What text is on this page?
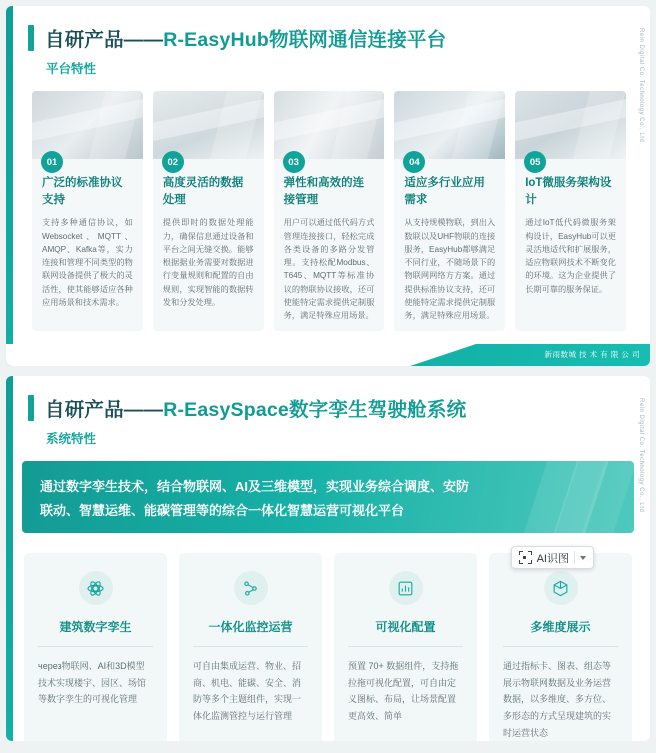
自研产品——R-EasyHub物联网通信连接平台
平台特性	Rein Digital Co. Technology Co., Ltd
01
广泛的标准协议支持
支持多种通信协议，如 Websocket、MQTT、AMQP、Kafka等，实力连接和管理不同类型的物联网设备提供了极大的灵活性，使其能够适应各种应用场景和技术需求。
02
高度灵活的数据处理
提供即时的数据处理能力，确保信息通过设备和平台之间无缝交换。能够根据据业务需要对数据进行变量规则和配置的自由规则，实现智能的数据转发和分发处理。
03
弹性和高效的连接管理
用户可以通过低代码方式管理连接接口，轻松完成各类设备的多路分发管理。支持松配Modbus、T645、MQTT等标准协议的物联协议接收，还可使能特定需求提供定制服务，满足特殊应用场景。
04
适应多行业应用需求
从支持规模物联，到出入数联以及UHF物联的连接服务，EasyHub都够满足不同行业，不随场景下的物联网网络方方案。通过提供标准协议支持，还可使能特定需求提供定制服务，满足特殊应用场景。
05
IoT微服务架构设计
通过IoT低代码微服务架构设计，EasyHub可以更灵活地适代和扩展服务，适应物联网技术不断变化的环境。这为企业提供了长期可靠的服务保证。
新雨数城 技 术 有 限 公 司
自研产品——R-EasySpace数字孪生驾驶舱系统
系统特性	Rein Digital Co. Technology Co., Ltd
通过数字孪生技术，结合物联网、AI及三维模型，实现业务综合调度、安防
联动、智慧运维、能碳管理等的综合一体化智慧运营可视化平台
建筑数字孪生
через物联网、AI和3D模型技术实现楼宇、园区、场馆等数字孪生的可视化管理
一体化监控运营
可自由集成运营、物业、招商、机电、能碳、安全、消防等多个主题组件，实现一体化监测管控与运行管理
可视化配置
预置 70+ 数据组件，支持拖拉拖可视化配置，可自由定义图标、布局，让场景配置更高效、简单
多维度展示
通过指标卡、图表、组态等展示物联网数据及业务运营数据，以多维度、多方位、多形态的方式呈现建筑的实时运营状态
AI识图
